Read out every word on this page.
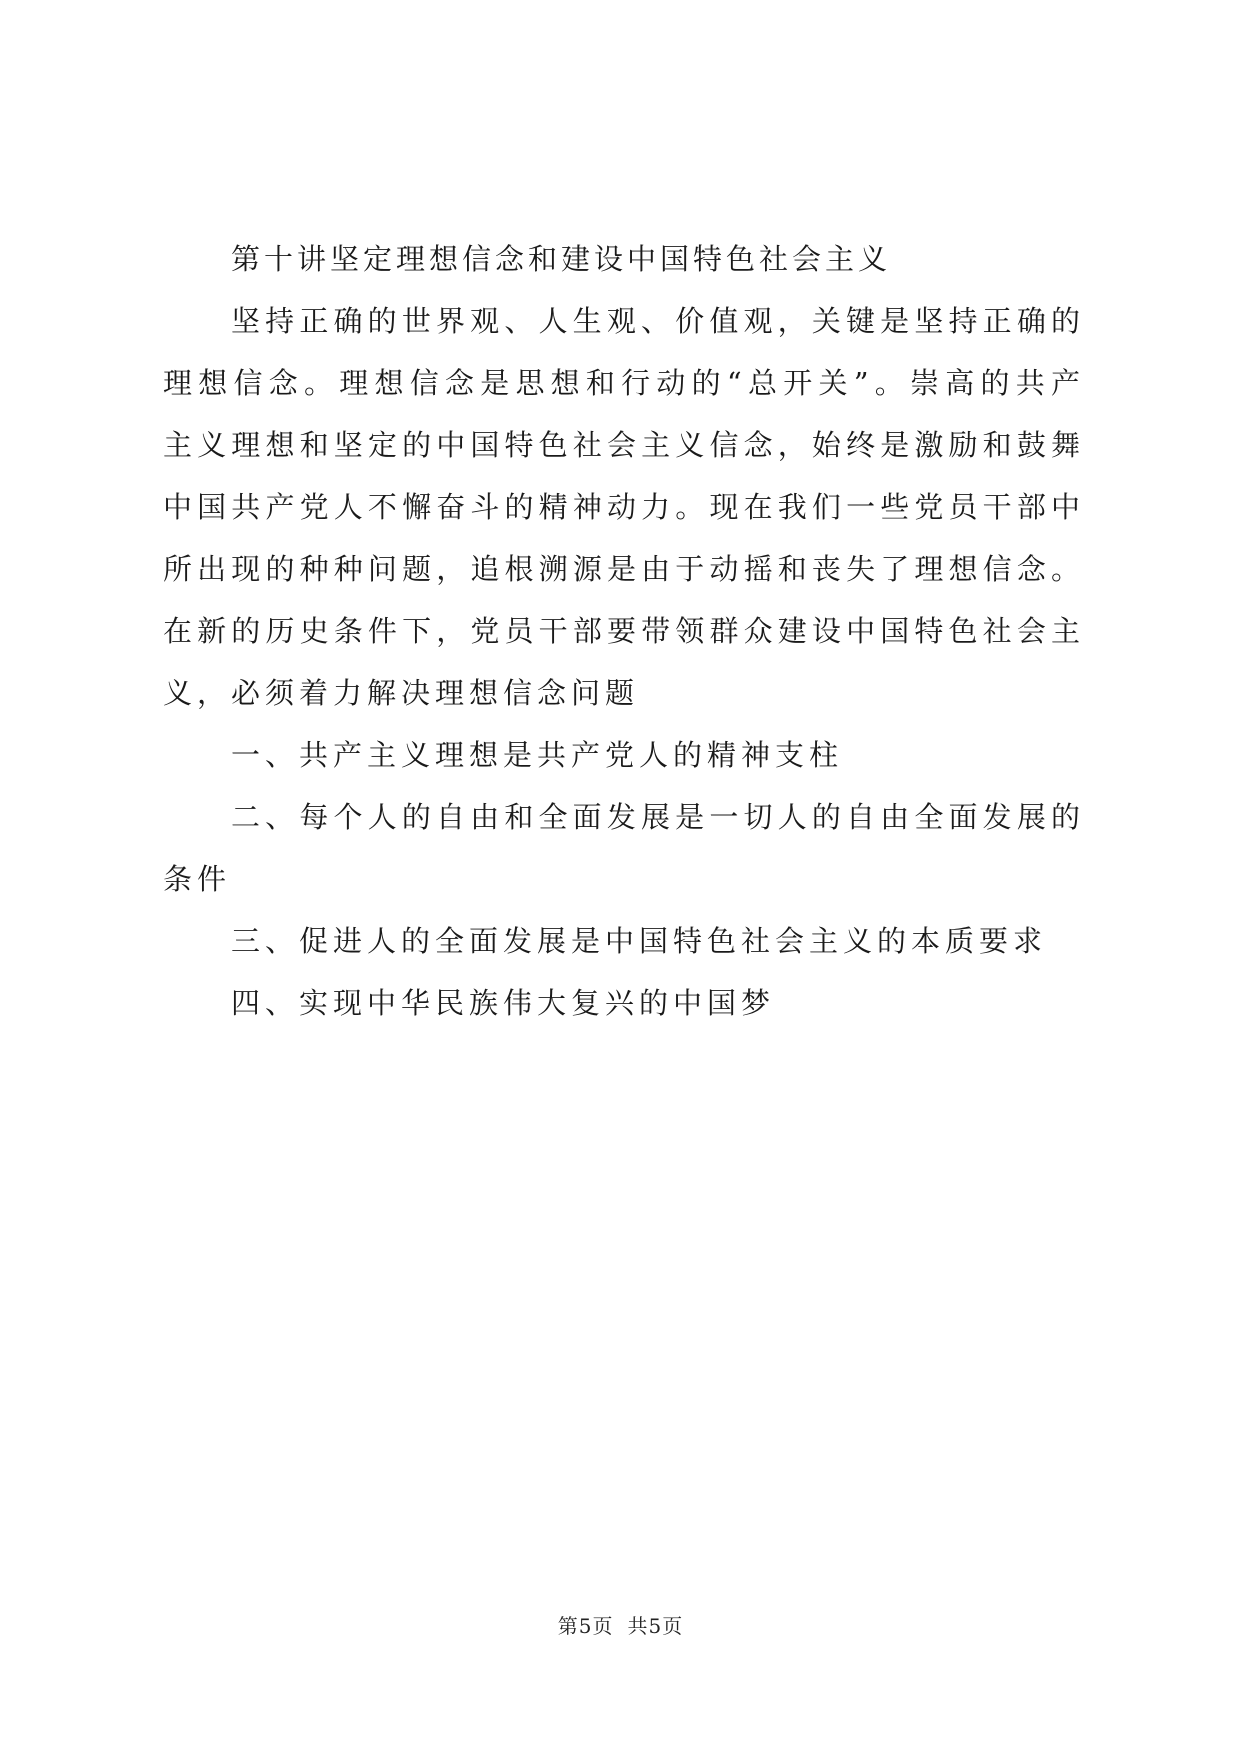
第十讲坚定理想信念和建设中国特色社会主义

坚持正确的世界观、人生观、价值观，关键是坚持正确的理想信念。理想信念是思想和行动的“总开关”。崇高的共产主义理想和坚定的中国特色社会主义信念，始终是激励和鼓舞中国共产党人不懈奋斗的精神动力。现在我们一些党员干部中所出现的种种问题，追根溯源是由于动摇和丧失了理想信念。在新的历史条件下，党员干部要带领群众建设中国特色社会主义，必须着力解决理想信念问题

一、共产主义理想是共产党人的精神支柱

二、每个人的自由和全面发展是一切人的自由全面发展的条件

三、促进人的全面发展是中国特色社会主义的本质要求

四、实现中华民族伟大复兴的中国梦

第5页 共5页
